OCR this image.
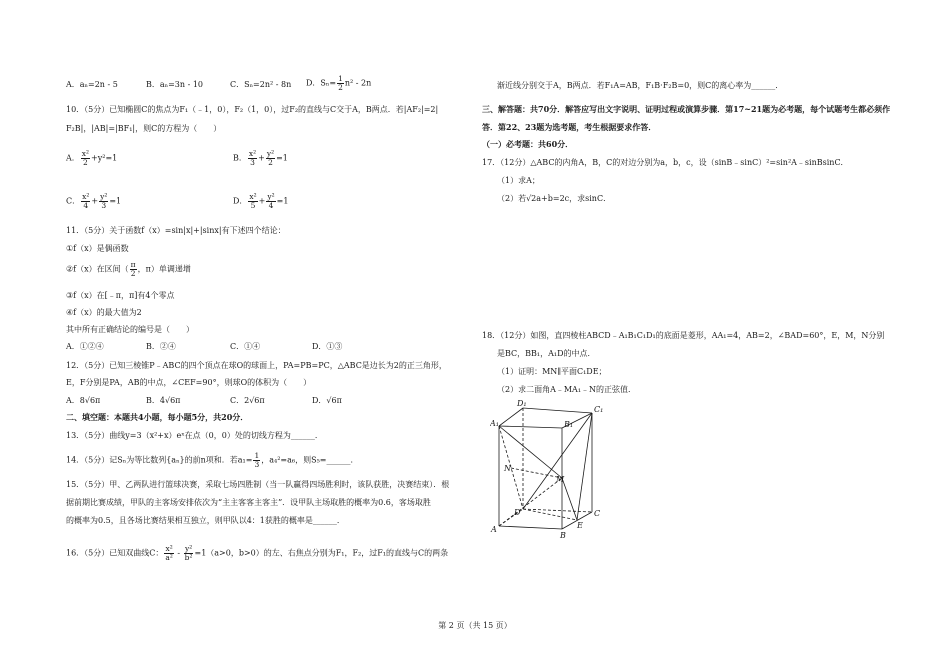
A．aₙ=2n - 5	B．aₙ=3n - 10	C．Sₙ=2n² - 8n D．$S_n= \frac{1}{2} n^2 - 2n$
10．（5分）已知椭圆C的焦点为F₁（﹣1，0），F₂（1，0），过F₂的直线与C交于A，B两点．若|AF₂|=2|
F₂B|，|AB|=|BF₁|，则C的方程为（　　）
A． $\frac{\text{x²}}{2} +y^2=1$	B． $\frac{\text{x²}}{3} + \frac{\text{y²}}{2} =1$
C． $\frac{\text{x²}}{4} + \frac{\text{y²}}{3} =1$	D． $\frac{\text{x²}}{5} + \frac{\text{y²}}{4} =1$
11．（5分）关于函数f（x）=sin|x|+|sinx|有下述四个结论：
①f（x）是偶函数
②f（x）在区间（ $\frac{\pi}{2}$ ，π）单调递增
③f（x）在[﹣π，π]有4个零点
④f（x）的最大值为2
其中所有正确结论的编号是（　　）
A．①②④	B．②④	C．①④	D．①③
12．（5分）已知三棱锥P﹣ABC的四个顶点在球O的球面上，PA=PB=PC，△ABC是边长为2的正三角形，
E，F分别是PA，AB的中点，∠CEF=90°，则球O的体积为（　　）
A．8√6π	B．4√6π	C．2√6π	D．√6π
二、填空题：本题共4小题，每小题5分，共20分．
13．（5分）曲线y=3（x²+x）eˣ在点（0，0）处的切线方程为______．
14．（5分）记Sₙ为等比数列{aₙ}的前n项和．若$a_1= \frac{1}{3}$ ，a₄²=a₆，则S₅=______．
15．（5分）甲、乙两队进行篮球决赛，采取七场四胜制（当一队赢得四场胜利时，该队获胜，决赛结束）．根
据前期比赛成绩，甲队的主客场安排依次为“主主客客主客主”．设甲队主场取胜的概率为0.6，客场取胜
的概率为0.5，且各场比赛结果相互独立，则甲队以4：1获胜的概率是______．
16．（5分）已知双曲线C： $\frac{\text{x²}}{\text{a²}} - \frac{\text{y²}}{\text{b²}} =1(a>0$，b>0）的左、右焦点分别为F₁，F₂，过F₁的直线与C的两条
渐近线分别交于A，B两点．若F₁A=AB，F₁B·F₂B=0，则C的离心率为______．
三、解答题：共70分．解答应写出文字说明、证明过程或演算步骤．第17~21题为必考题，每个试题考生都必须作
答．第22、23题为选考题，考生根据要求作答．
（一）必考题：共60分．
17．（12分）△ABC的内角A，B，C的对边分别为a，b，c，设（sinB﹣sinC）²=sin²A﹣sinBsinC．
（1）求A；
（2）若√2a+b=2c，求sinC．
18．（12分）如图，直四棱柱ABCD﹣A₁B₁C₁D₁的底面是菱形，AA₁=4，AB=2，∠BAD=60°，E，M，N分别
是BC，BB₁，A₁D的中点．
（1）证明：MN∥平面C₁DE；
（2）求二面角A﹣MA₁﹣N的正弦值．
A₁
D₁
C₁
B₁
N
M
D	C
E
A
B
第 2 页（共 15 页）
